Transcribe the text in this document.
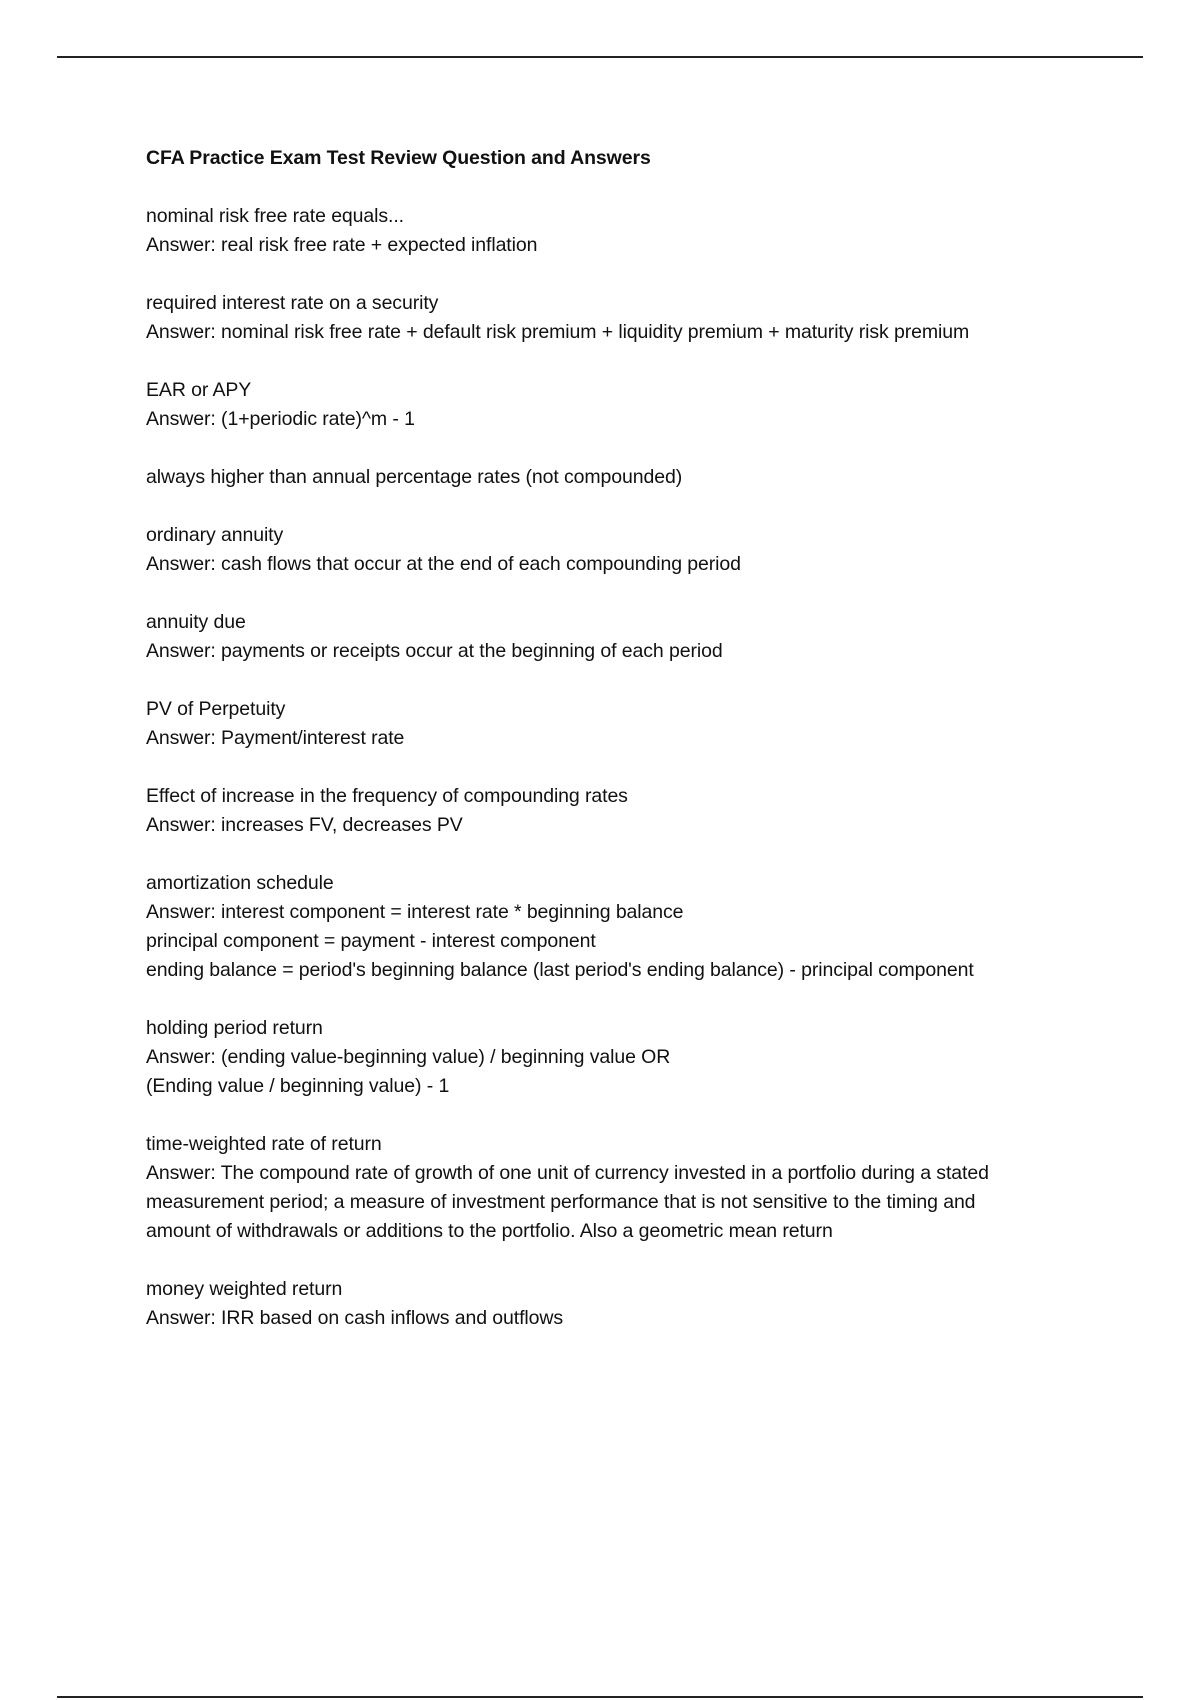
CFA Practice Exam Test Review Question and Answers

nominal risk free rate equals...

Answer: real risk free rate + expected inflation

required interest rate on a security

Answer: nominal risk free rate + default risk premium + liquidity premium + maturity risk premium

EAR or APY

Answer: (1+periodic rate)^m - 1

always higher than annual percentage rates (not compounded)

ordinary annuity

Answer: cash flows that occur at the end of each compounding period

annuity due

Answer: payments or receipts occur at the beginning of each period

PV of Perpetuity

Answer: Payment/interest rate

Effect of increase in the frequency of compounding rates

Answer: increases FV, decreases PV

amortization schedule

Answer: interest component = interest rate * beginning balance

principal component = payment - interest component

ending balance = period's beginning balance (last period's ending balance) - principal component

holding period return

Answer: (ending value-beginning value) / beginning value OR

(Ending value / beginning value) - 1

time-weighted rate of return

Answer: The compound rate of growth of one unit of currency invested in a portfolio during a stated

measurement period; a measure of investment performance that is not sensitive to the timing and

amount of withdrawals or additions to the portfolio. Also a geometric mean return

money weighted return

Answer: IRR based on cash inflows and outflows
